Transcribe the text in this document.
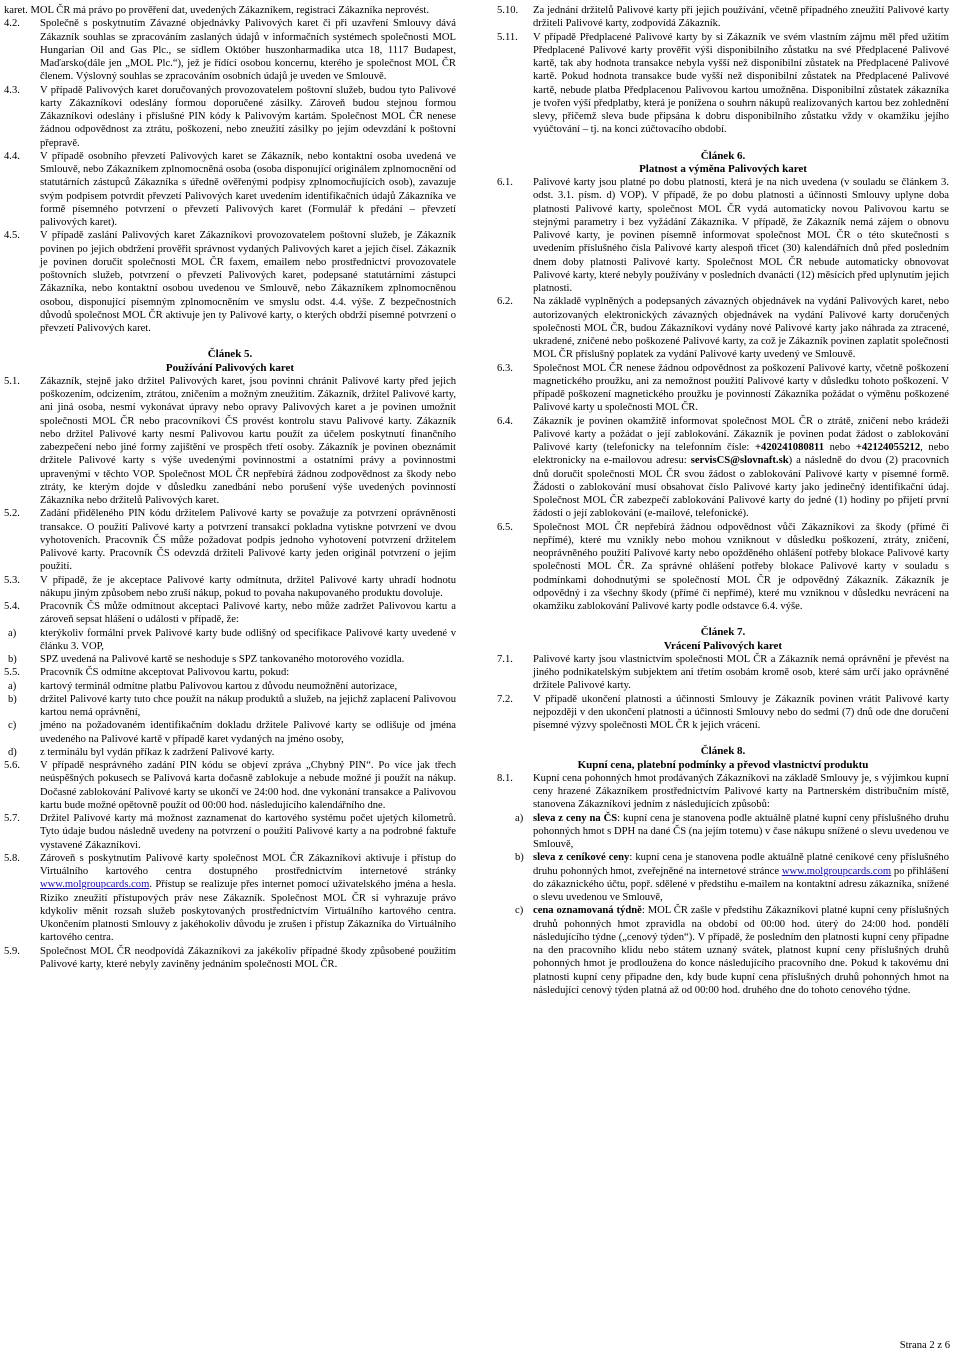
karet. MOL ČR má právo po prověření dat, uvedených Zákazníkem, registraci Zákazníka neprovést.

4.2. Společně s poskytnutím Závazné objednávky Palivových karet či při uzavření Smlouvy dává Zákazník souhlas se zpracováním zaslaných údajů v informačních systémech společnosti MOL Hungarian Oil and Gas Plc., se sídlem Október huszonharmadika utca 18, 1117 Budapest, Maďarsko(dále jen „MOL Plc.“), jež je řídící osobou koncernu, kterého je společnost MOL ČR členem. Výslovný souhlas se zpracováním osobních údajů je uveden ve Smlouvě.

4.3. V případě Palivových karet doručovaných provozovatelem poštovní služeb, budou tyto Palivové karty Zákazníkovi odeslány formou doporučené zásilky. Zároveň budou stejnou formou Zákazníkovi odeslány i příslušné PIN kódy k Palivovým kartám. Společnost MOL ČR nenese žádnou odpovědnost za ztrátu, poškození, nebo zneužití zásilky po jejím odevzdání k poštovní přepravě.

4.4. V případě osobního převzetí Palivových karet se Zákazník, nebo kontaktní osoba uvedená ve Smlouvě, nebo Zákazníkem zplnomocněná osoba (osoba disponující originálem zplnomocnění od statutárních zástupců Zákazníka s úředně ověřenými podpisy zplnomocňujících osob), zavazuje svým podpisem potvrdit převzetí Palivových karet uvedením identifikačních údajů Zákazníka ve formě písemného potvrzení o převzetí Palivových karet (Formulář k předání – převzetí palivových karet).

4.5. V případě zaslání Palivových karet Zákazníkovi provozovatelem poštovní služeb, je Zákazník povinen po jejich obdržení prověřit správnost vydaných Palivových karet a jejich čísel. Zákazník je povinen doručit společnosti MOL ČR faxem, emailem nebo prostřednictví provozovatele poštovních služeb, potvrzení o převzetí Palivových karet, podepsané statutárními zástupci Zákazníka, nebo kontaktní osobou uvedenou ve Smlouvě, nebo Zákazníkem zplnomocněnou osobou, disponující písemným zplnomocněním ve smyslu odst. 4.4. výše. Z bezpečnostních důvodů společnost MOL ČR aktivuje jen ty Palivové karty, o kterých obdrží písemné potvrzení o převzetí Palivových karet.

Článek 5.

Používání Palivových karet

5.1. Zákazník, stejně jako držitel Palivových karet, jsou povinni chránit Palivové karty před jejich poškozením, odcizením, ztrátou, zničením a možným zneužitím. Zákazník, držitel Palivové karty, ani jiná osoba, nesmí vykonávat úpravy nebo opravy Palivových karet a je povinen umožnit společnosti MOL ČR nebo pracovníkovi ČS provést kontrolu stavu Palivové karty. Zákazník nebo držitel Palivové karty nesmí Palivovou kartu použít za účelem poskytnutí finančního zabezpečení nebo jiné formy zajištění ve prospěch třetí osoby. Zákazník je povinen obeznámit držitele Palivové karty s výše uvedenými povinnostmi a ostatními právy a povinnostmi upravenými v těchto VOP. Společnost MOL ČR nepřebírá žádnou zodpovědnost za škody nebo ztráty, ke kterým dojde v důsledku zanedbání nebo porušení výše uvedených povinností Zákazníka nebo držitelů Palivových karet.

5.2. Zadání přiděleného PIN kódu držitelem Palivové karty se považuje za potvrzení oprávněnosti transakce. O použití Palivové karty a potvrzení transakcí pokladna vytiskne potvrzení ve dvou vyhotoveních. Pracovník ČS může požadovat podpis jednoho vyhotovení potvrzení držitelem Palivové karty. Pracovník ČS odevzdá držiteli Palivové karty jeden originál potvrzení o jejím použití.

5.3. V případě, že je akceptace Palivové karty odmítnuta, držitel Palivové karty uhradí hodnotu nákupu jiným způsobem nebo zruší nákup, pokud to povaha nakupovaného produktu dovoluje.

5.4. Pracovník ČS může odmítnout akceptaci Palivové karty, nebo může zadržet Palivovou kartu a zároveň sepsat hlášení o události v případě, že:

a) kterýkoliv formální prvek Palivové karty bude odlišný od specifikace Palivové karty uvedené v článku 3. VOP,

b) SPZ uvedená na Palivové kartě se neshoduje s SPZ tankovaného motorového vozidla.

5.5. Pracovník ČS odmítne akceptovat Palivovou kartu, pokud:

a) kartový terminál odmítne platbu Palivovou kartou z důvodu neumožnění autorizace,

b) držitel Palivové karty tuto chce použít na nákup produktů a služeb, na jejichž zaplacení Palivovou kartou nemá oprávnění,

c) jméno na požadovaném identifikačním dokladu držitele Palivové karty se odlišuje od jména uvedeného na Palivové kartě v případě karet vydaných na jméno osoby,

d) z terminálu byl vydán příkaz k zadržení Palivové karty.

5.6. V případě nesprávného zadání PIN kódu se objeví zpráva „Chybný PIN“. Po více jak třech neúspěšných pokusech se Palivová karta dočasně zablokuje a nebude možné ji použít na nákup. Dočasné zablokování Palivové karty se ukončí ve 24:00 hod. dne vykonání transakce a Palivovou kartu bude možné opětovně použít od 00:00 hod. následujícího kalendářního dne.

5.7. Držitel Palivové karty má možnost zaznamenat do kartového systému počet ujetých kilometrů. Tyto údaje budou následně uvedeny na potvrzení o použití Palivové karty a na podrobné faktuře vystavené Zákazníkovi.

5.8. Zároveň s poskytnutím Palivové karty společnost MOL ČR Zákazníkovi aktivuje i přístup do Virtuálního kartového centra dostupného prostřednictvím internetové stránky www.molgroupcards.com. Přístup se realizuje přes internet pomocí uživatelského jména a hesla. Riziko zneužití přístupových práv nese Zákazník. Společnost MOL ČR si vyhrazuje právo kdykoliv měnit rozsah služeb poskytovaných prostřednictvím Virtuálního kartového centra. Ukončením platnosti Smlouvy z jakéhokoliv důvodu je zrušen i přístup Zákazníka do Virtuálního kartového centra.

5.9. Společnost MOL ČR neodpovídá Zákazníkovi za jakékoliv případné škody způsobené použitím Palivové karty, které nebyly zaviněny jednáním společnosti MOL ČR.

5.10. Za jednání držitelů Palivové karty při jejich používání, včetně případného zneužití Palivové karty držiteli Palivové karty, zodpovídá Zákazník.

5.11. V případě Předplacené Palivové karty by si Zákazník ve svém vlastním zájmu měl před užitím Předplacené Palivové karty prověřit výši disponibilního zůstatku na své Předplacené Palivové kartě, tak aby hodnota transakce nebyla vyšší než disponibilní zůstatek na Předplacené Palivové kartě. Pokud hodnota transakce bude vyšší než disponibilní zůstatek na Předplacené Palivové kartě, nebude platba Předplacenou Palivovou kartou umožněna. Disponibilní zůstatek zákazníka je tvořen výší předplatby, která je ponížena o souhrn nákupů realizovaných kartou bez zohlednění slevy, přičemž sleva bude připsána k dobru disponibilního zůstatku vždy v okamžiku jejího vyúčtování – tj. na konci zúčtovacího období.

Článek 6.

Platnost a výměna Palivových karet

6.1. Palivové karty jsou platné po dobu platnosti, která je na nich uvedena (v souladu se článkem 3. odst. 3.1. písm. d) VOP). V případě, že po dobu platnosti a účinnosti Smlouvy uplyne doba platnosti Palivové karty, společnost MOL ČR vydá automaticky novou Palivovou kartu se stejnými parametry i bez vyžádání Zákazníka. V případě, že Zákazník nemá zájem o obnovu Palivové karty, je povinen písemně informovat společnost MOL ČR o této skutečnosti s uvedením příslušného čísla Palivové karty alespoň třicet (30) kalendářních dnů před posledním dnem doby platnosti Palivové karty. Společnost MOL ČR nebude automaticky obnovovat Palivové karty, které nebyly používány v posledních dvanácti (12) měsících před uplynutím jejich platnosti.

6.2. Na základě vyplněných a podepsaných závazných objednávek na vydání Palivových karet, nebo autorizovaných elektronických závazných objednávek na vydání Palivové karty doručených společnosti MOL ČR, budou Zákazníkovi vydány nové Palivové karty jako náhrada za ztracené, ukradené, zničené nebo poškozené Palivové karty, za což je Zákazník povinen zaplatit společnosti MOL ČR příslušný poplatek za vydání Palivové karty uvedený ve Smlouvě.

6.3. Společnost MOL ČR nenese žádnou odpovědnost za poškození Palivové karty, včetně poškození magnetického proužku, ani za nemožnost použití Palivové karty v důsledku tohoto poškození. V případě poškození magnetického proužku je povinností Zákazníka požádat o výměnu poškozené Palivové karty u společnosti MOL ČR.

6.4. Zákazník je povinen okamžitě informovat společnost MOL ČR o ztrátě, zničení nebo krádeži Palivové karty a požádat o její zablokování. Zákazník je povinen podat žádost o zablokování Palivové karty (telefonicky na telefonním čísle: +420241080811 nebo +42124055212, nebo elektronicky na e-mailovou adresu: servisCS@slovnaft.sk) a následně do dvou (2) pracovních dnů doručit společnosti MOL ČR svou žádost o zablokování Palivové karty v písemné formě. Žádosti o zablokování musí obsahovat číslo Palivové karty jako jedinečný identifikační údaj. Společnost MOL ČR zabezpečí zablokování Palivové karty do jedné (1) hodiny po přijetí první žádosti o její zablokování (e-mailové, telefonické).

6.5. Společnost MOL ČR nepřebírá žádnou odpovědnost vůči Zákazníkovi za škody (přímé či nepřímé), které mu vznikly nebo mohou vzniknout v důsledku poškození, ztráty, zničení, neoprávněného použití Palivové karty nebo opožděného ohlášení potřeby blokace Palivové karty společnosti MOL ČR. Za správné ohlášení potřeby blokace Palivové karty v souladu s podmínkami dohodnutými se společností MOL ČR je odpovědný Zákazník. Zákazník je odpovědný i za všechny škody (přímé či nepřímé), které mu vzniknou v důsledku nevrácení na okamžiku zablokování Palivové karty podle odstavce 6.4. výše.

Článek 7.

Vrácení Palivových karet

7.1. Palivové karty jsou vlastnictvím společnosti MOL ČR a Zákazník nemá oprávnění je převést na jiného podnikatelským subjektem ani třetím osobám kromě osob, které sám určí jako oprávněné držitele Palivové karty.

7.2. V případě ukončení platnosti a účinnosti Smlouvy je Zákazník povinen vrátit Palivové karty nejpozději v den ukončení platnosti a účinnosti Smlouvy nebo do sedmi (7) dnů ode dne doručení písemné výzvy společnosti MOL ČR k jejich vrácení.

Článek 8.

Kupní cena, platební podmínky a převod vlastnictví produktu

8.1. Kupní cena pohonných hmot prodávaných Zákazníkovi na základě Smlouvy je, s výjimkou kupní ceny hrazené Zákazníkem prostřednictvím Palivové karty na Partnerském distribučním místě, stanovena Zákazníkovi jedním z následujících způsobů:

a) sleva z ceny na ČS: kupní cena je stanovena podle aktuálně platné kupní ceny příslušného druhu pohonných hmot s DPH na dané ČS (na jejím totemu) v čase nákupu snížené o slevu uvedenou ve Smlouvě,

b) sleva z ceníkové ceny: kupní cena je stanovena podle aktuálně platné ceníkové ceny příslušného druhu pohonných hmot, zveřejněné na internetové stránce www.molgroupcards.com po přihlášení do zákaznického účtu, popř. sdělené v předstihu e-mailem na kontaktní adresu zákazníka, snížené o slevu uvedenou ve Smlouvě,

c) cena oznamovaná týdně: MOL ČR zašle v předstihu Zákazníkovi platné kupní ceny příslušných druhů pohonných hmot zpravidla na období od 00:00 hod. úterý do 24:00 hod. pondělí následujícího týdne („cenový týden“). V případě, že posledním den platnosti kupní ceny připadne na den pracovního klidu nebo státem uznaný svátek, platnost kupní ceny příslušných druhů pohonných hmot je prodloužena do konce následujícího pracovního dne. Pokud k takovému dni platnosti kupní ceny připadne den, kdy bude kupní cena příslušných druhů pohonných hmot na následující cenový týden platná až od 00:00 hod. druhého dne do tohoto cenového týdne.

Strana 2 z 6
